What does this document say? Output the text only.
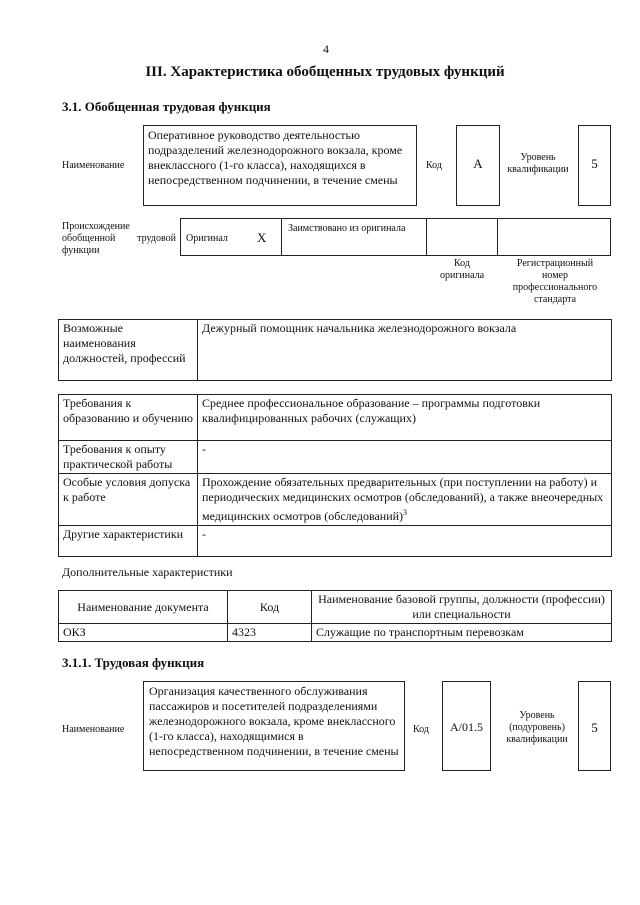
4
III. Характеристика обобщенных трудовых функций
3.1. Обобщенная трудовая функция
Наименование
Оперативное руководство деятельностью подразделений железнодорожного вокзала, кроме внеклассного (1-го класса), находящихся в непосредственном подчинении, в течение смены
Код	A	Уровень квалификации	5
Происхождение обобщенной трудовой функции
Оригинал X
Заимствовано из оригинала
Код оригинала
Регистрационный номер профессионального стандарта
Возможные наименования должностей, профессий	Дежурный помощник начальника железнодорожного вокзала
Требования к образованию и обучению	Среднее профессиональное образование – программы подготовки квалифицированных рабочих (служащих)
Требования к опыту практической работы	-
Особые условия допуска к работе	Прохождение обязательных предварительных (при поступлении на работу) и периодических медицинских осмотров (обследований), а также внеочередных медицинских осмотров (обследований)$^3$
Другие характеристики	-
Дополнительные характеристики
Наименование документа	Код	Наименование базовой группы, должности (профессии) или специальности
ОКЗ	4323	Служащие по транспортным перевозкам
3.1.1. Трудовая функция
Наименование
Организация качественного обслуживания пассажиров и посетителей подразделениями железнодорожного вокзала, кроме внеклассного (1-го класса), находящимися в непосредственном подчинении, в течение смены
Код	A/01.5
Уровень (подуровень) квалификации
5
